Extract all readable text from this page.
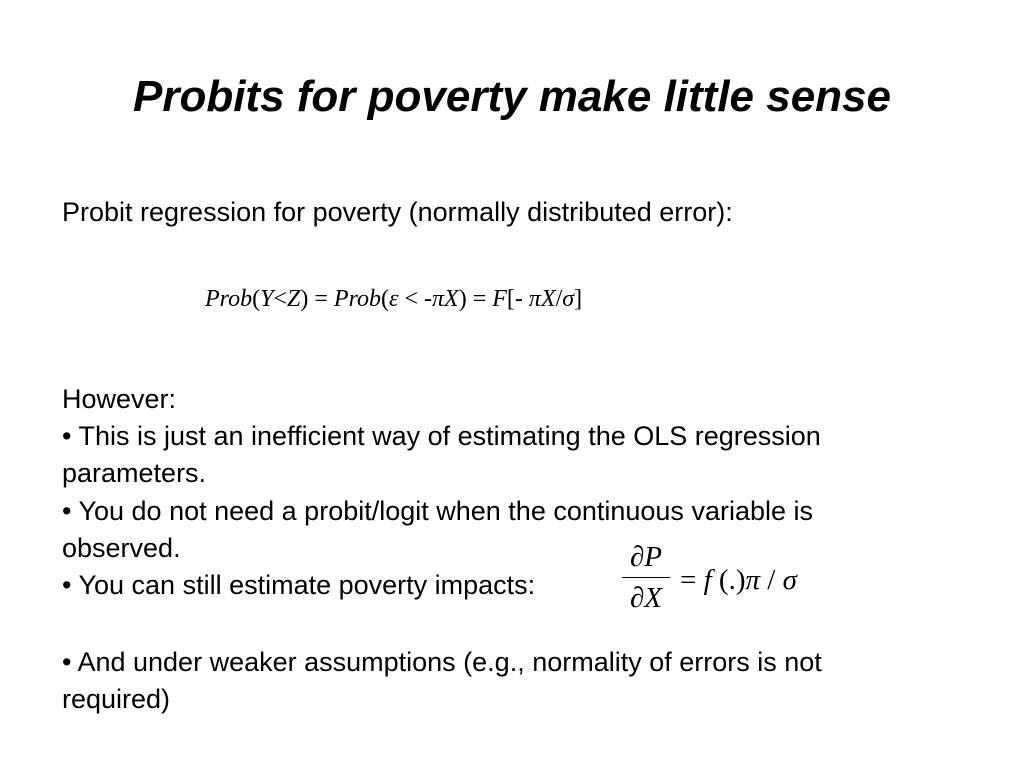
Probits for poverty make little sense
Probit regression for poverty (normally distributed error):
Prob(Y<Z) = Prob(ε < -πX) = F[- πX/σ]
However:
• This is just an inefficient way of estimating the OLS regression
parameters.
• You do not need a probit/logit when the continuous variable is
observed.
• You can still estimate poverty impacts:
∂P
∂X
= f (.)π / σ
• And under weaker assumptions (e.g., normality of errors is not
required)
